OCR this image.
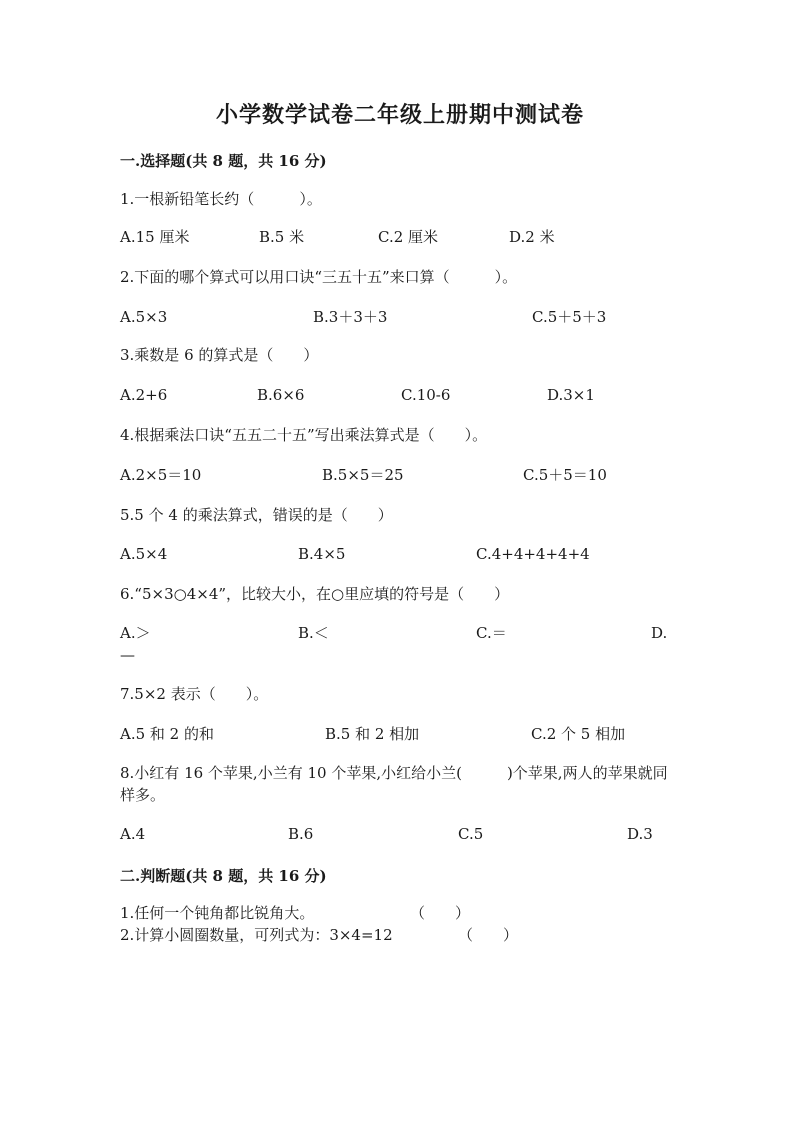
小学数学试卷二年级上册期中测试卷
一.选择题(共 8 题，共 16 分)
1.一根新铅笔长约（　　　）。
A.15 厘米	B.5 米	C.2 厘米	D.2 米
2.下面的哪个算式可以用口诀“三五十五”来口算（　　　）。
A.5×3	B.3＋3＋3	C.5＋5＋3
3.乘数是 6 的算式是（　　）
A.2+6	B.6×6	C.10-6	D.3×1
4.根据乘法口诀“五五二十五”写出乘法算式是（　　）。
A.2×5＝10	B.5×5＝25	C.5＋5＝10
5.5 个 4 的乘法算式，错误的是（　　）
A.5×4	B.4×5	C.4+4+4+4+4
6.“5×3○4×4”，比较大小，在○里应填的符号是（　　）
A.＞	B.＜	C.＝	D.
—
7.5×2 表示（　　）。
A.5 和 2 的和	B.5 和 2 相加	C.2 个 5 相加
8.小红有 16 个苹果,小兰有 10 个苹果,小红给小兰(　　　)个苹果,两人的苹果就同样多。
A.4	B.6	C.5	D.3
二.判断题(共 8 题，共 16 分)
1.任何一个钝角都比锐角大。	（　　）
2.计算小圆圈数量，可列式为：3×4=12	（　　）
